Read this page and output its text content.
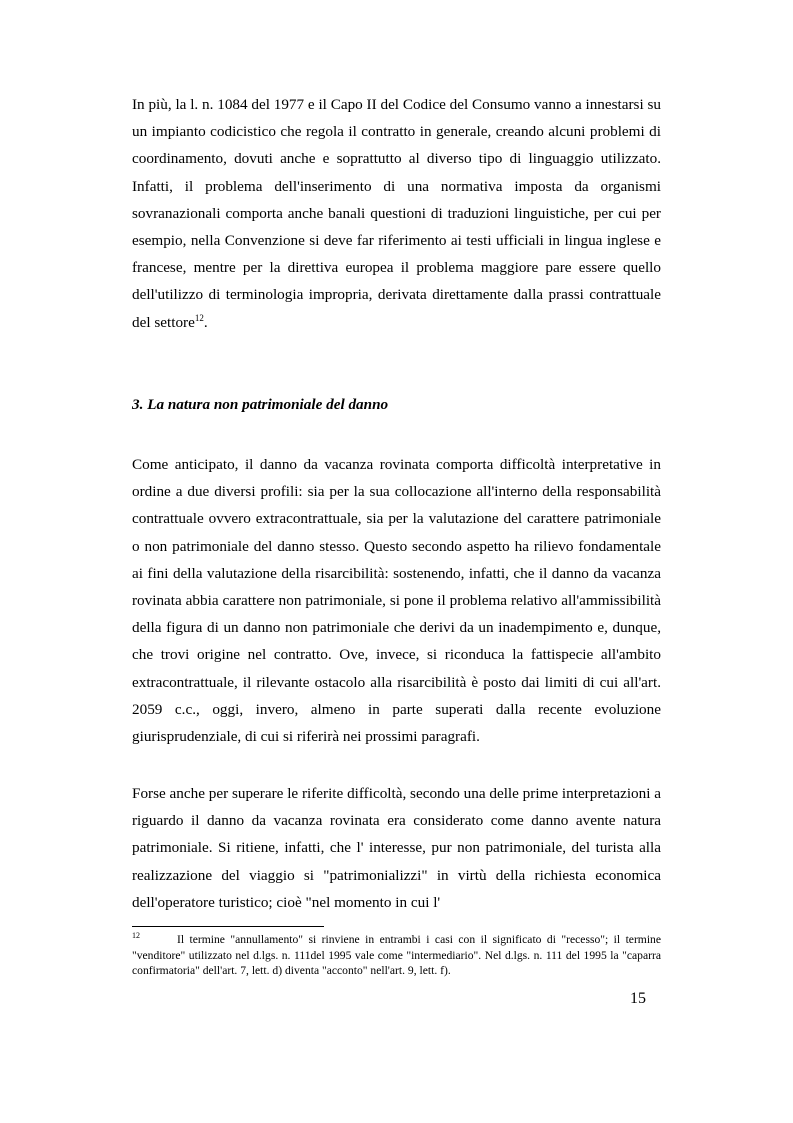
In più, la l. n. 1084 del 1977 e il Capo II del Codice del Consumo vanno a innestarsi su un impianto codicistico che regola il contratto in generale, creando alcuni problemi di coordinamento, dovuti anche e soprattutto al diverso tipo di linguaggio utilizzato. Infatti, il problema dell'inserimento di una normativa imposta da organismi sovranazionali comporta anche banali questioni di traduzioni linguistiche, per cui per esempio, nella Convenzione si deve far riferimento ai testi ufficiali in lingua inglese e francese, mentre per la direttiva europea il problema maggiore pare essere quello dell'utilizzo di terminologia impropria, derivata direttamente dalla prassi contrattuale del settore$^{12}$.

3. La natura non patrimoniale del danno

Come anticipato, il danno da vacanza rovinata comporta difficoltà interpretative in ordine a due diversi profili: sia per la sua collocazione all'interno della responsabilità contrattuale ovvero extracontrattuale, sia per la valutazione del carattere patrimoniale o non patrimoniale del danno stesso. Questo secondo aspetto ha rilievo fondamentale ai fini della valutazione della risarcibilità: sostenendo, infatti, che il danno da vacanza rovinata abbia carattere non patrimoniale, si pone il problema relativo all'ammissibilità della figura di un danno non patrimoniale che derivi da un inadempimento e, dunque, che trovi origine nel contratto. Ove, invece, si riconduca la fattispecie all'ambito extracontrattuale, il rilevante ostacolo alla risarcibilità è posto dai limiti di cui all'art. 2059 c.c., oggi, invero, almeno in parte superati dalla recente evoluzione giurisprudenziale, di cui si riferirà nei prossimi paragrafi.

Forse anche per superare le riferite difficoltà, secondo una delle prime interpretazioni a riguardo il danno da vacanza rovinata era considerato come danno avente natura patrimoniale. Si ritiene, infatti, che l' interesse, pur non patrimoniale, del turista alla realizzazione del viaggio si "patrimonializzi" in virtù della richiesta economica dell'operatore turistico; cioè "nel momento in cui l'

$^{12}$	Il termine "annullamento" si rinviene in entrambi i casi con il significato di "recesso"; il termine "venditore" utilizzato nel d.lgs. n. 111del 1995 vale come "intermediario". Nel d.lgs. n. 111 del 1995 la "caparra confirmatoria" dell'art. 7, lett. d) diventa "acconto" nell'art. 9, lett. f).

15
